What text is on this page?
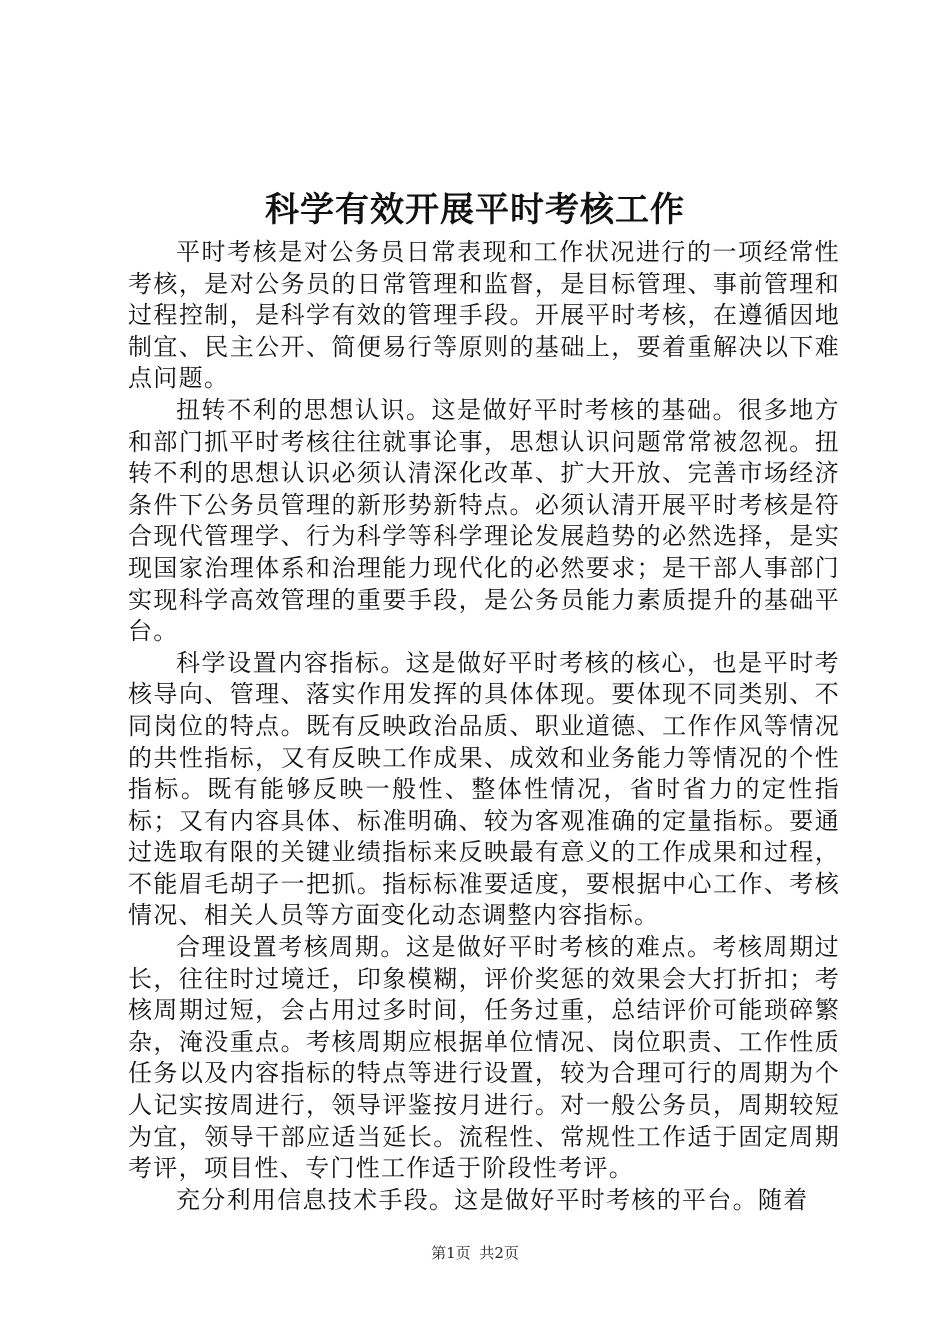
科学有效开展平时考核工作

平时考核是对公务员日常表现和工作状况进行的一项经常性考核，是对公务员的日常管理和监督，是目标管理、事前管理和过程控制，是科学有效的管理手段。开展平时考核，在遵循因地制宜、民主公开、简便易行等原则的基础上，要着重解决以下难点问题。

扭转不利的思想认识。这是做好平时考核的基础。很多地方和部门抓平时考核往往就事论事，思想认识问题常常被忽视。扭转不利的思想认识必须认清深化改革、扩大开放、完善市场经济条件下公务员管理的新形势新特点。必须认清开展平时考核是符合现代管理学、行为科学等科学理论发展趋势的必然选择，是实现国家治理体系和治理能力现代化的必然要求；是干部人事部门实现科学高效管理的重要手段，是公务员能力素质提升的基础平台。

科学设置内容指标。这是做好平时考核的核心，也是平时考核导向、管理、落实作用发挥的具体体现。要体现不同类别、不同岗位的特点。既有反映政治品质、职业道德、工作作风等情况的共性指标，又有反映工作成果、成效和业务能力等情况的个性指标。既有能够反映一般性、整体性情况，省时省力的定性指标；又有内容具体、标准明确、较为客观准确的定量指标。要通过选取有限的关键业绩指标来反映最有意义的工作成果和过程，不能眉毛胡子一把抓。指标标准要适度，要根据中心工作、考核情况、相关人员等方面变化动态调整内容指标。

合理设置考核周期。这是做好平时考核的难点。考核周期过长，往往时过境迁，印象模糊，评价奖惩的效果会大打折扣；考核周期过短，会占用过多时间，任务过重，总结评价可能琐碎繁杂，淹没重点。考核周期应根据单位情况、岗位职责、工作性质任务以及内容指标的特点等进行设置，较为合理可行的周期为个人记实按周进行，领导评鉴按月进行。对一般公务员，周期较短为宜，领导干部应适当延长。流程性、常规性工作适于固定周期考评，项目性、专门性工作适于阶段性考评。

充分利用信息技术手段。这是做好平时考核的平台。随着

第1页 共2页
